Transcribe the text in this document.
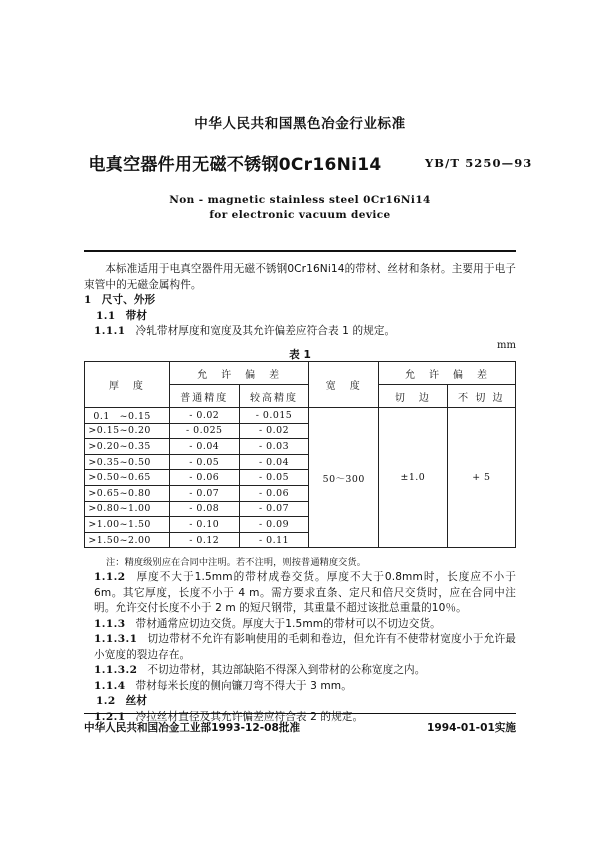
中华人民共和国黑色冶金行业标准
电真空器件用无磁不锈钢0Cr16Ni14	YB/T 5250—93
Non - magnetic stainless steel 0Cr16Ni14
for electronic vacuum device

本标准适用于电真空器件用无磁不锈钢0Cr16Ni14的带材、丝材和条材。主要用于电子束管中的无磁金属构件。

1 尺寸、外形

1.1 带材

1.1.1 冷轧带材厚度和宽度及其允许偏差应符合表 1 的规定。

mm
表 1
厚　度	允　许　偏　差		宽　度	允　许　偏　差	
	普通精度	较高精度		切　边	不 切 边
0.1　~0.15	- 0.02	- 0.015	50～300	±1.0	+ 5
>0.15~0.20	- 0.025	- 0.02			
>0.20~0.35	- 0.04	- 0.03			
>0.35~0.50	- 0.05	- 0.04			
>0.50~0.65	- 0.06	- 0.05			
>0.65~0.80	- 0.07	- 0.06			
>0.80~1.00	- 0.08	- 0.07			
>1.00~1.50	- 0.10	- 0.09			
>1.50~2.00	- 0.12	- 0.11			
注：精度级别应在合同中注明。若不注明，则按普通精度交货。

1.1.2 厚度不大于1.5mm的带材成卷交货。厚度不大于0.8mm时，长度应不小于6m。其它厚度，长度不小于 4 m。需方要求直条、定尺和倍尺交货时，应在合同中注明。允许交付长度不小于 2 m 的短尺钢带，其重量不超过该批总重量的10％。

1.1.3 带材通常应切边交货。厚度大于1.5mm的带材可以不切边交货。

1.1.3.1 切边带材不允许有影响使用的毛刺和卷边，但允许有不使带材宽度小于允许最小宽度的裂边存在。

1.1.3.2 不切边带材，其边部缺陷不得深入到带材的公称宽度之内。

1.1.4 带材每米长度的侧向镰刀弯不得大于 3 mm。

1.2 丝材

1.2.1 冷拉丝材直径及其允许偏差应符合表 2 的规定。

中华人民共和国冶金工业部1993-12-08批准	1994-01-01实施
